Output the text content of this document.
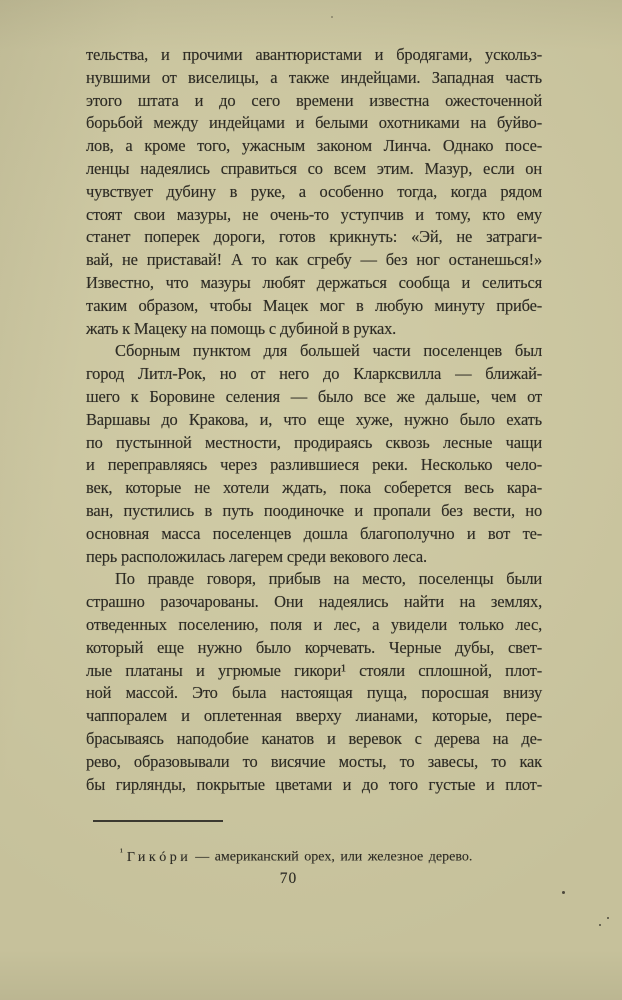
тельства, и прочими авантюристами и бродягами, ускольз-
нувшими от виселицы, а также индейцами. Западная часть
этого штата и до сего времени известна ожесточенной
борьбой между индейцами и белыми охотниками на буйво-
лов, а кроме того, ужасным законом Линча. Однако посе-
ленцы надеялись справиться со всем этим. Мазур, если он
чувствует дубину в руке, а особенно тогда, когда рядом
стоят свои мазуры, не очень-то уступчив и тому, кто ему
станет поперек дороги, готов крикнуть: «Эй, не затраги-
вай, не приставай! А то как сгребу — без ног останешься!»
Известно, что мазуры любят держаться сообща и селиться
таким образом, чтобы Мацек мог в любую минуту прибе-
жать к Мацеку на помощь с дубиной в руках.
Сборным пунктом для большей части поселенцев был
город Литл-Рок, но от него до Кларксвилла — ближай-
шего к Боровине селения — было все же дальше, чем от
Варшавы до Кракова, и, что еще хуже, нужно было ехать
по пустынной местности, продираясь сквозь лесные чащи
и переправляясь через разлившиеся реки. Несколько чело-
век, которые не хотели ждать, пока соберется весь кара-
ван, пустились в путь поодиночке и пропали без вести, но
основная масса поселенцев дошла благополучно и вот те-
перь расположилась лагерем среди векового леса.
По правде говоря, прибыв на место, поселенцы были
страшно разочарованы. Они надеялись найти на землях,
отведенных поселению, поля и лес, а увидели только лес,
который еще нужно было корчевать. Черные дубы, свет-
лые платаны и угрюмые гикори¹ стояли сплошной, плот-
ной массой. Это была настоящая пуща, поросшая внизу
чаппоралем и оплетенная вверху лианами, которые, пере-
брасываясь наподобие канатов и веревок с дерева на де-
рево, образовывали то висячие мосты, то завесы, то как
бы гирлянды, покрытые цветами и до того густые и плот-
$^{^1}$ Гикóри — американский орех, или железное дерево.
70
